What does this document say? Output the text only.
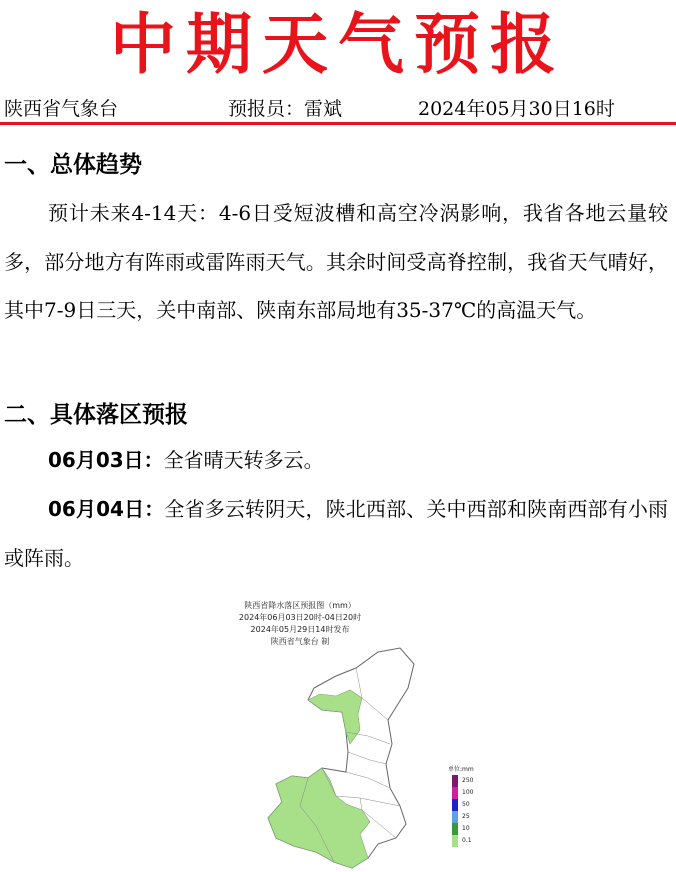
中期天气预报
陕西省气象台	预报员：雷斌	2024年05月30日16时
一、总体趋势

预计未来4-14天：4-6日受短波槽和高空冷涡影响，我省各地云量较多，部分地方有阵雨或雷阵雨天气。其余时间受高脊控制，我省天气晴好，其中7-9日三天，关中南部、陕南东部局地有35-37℃的高温天气。

二、具体落区预报

06月03日：全省晴天转多云。

06月04日：全省多云转阴天，陕北西部、关中西部和陕南西部有小雨或阵雨。

陕西省降水落区预报图（mm）
2024年06月03日20时-04日20时
2024年05月29日14时发布
陕西省气象台 制
单位:mm
250
100
50
25
10
0.1
